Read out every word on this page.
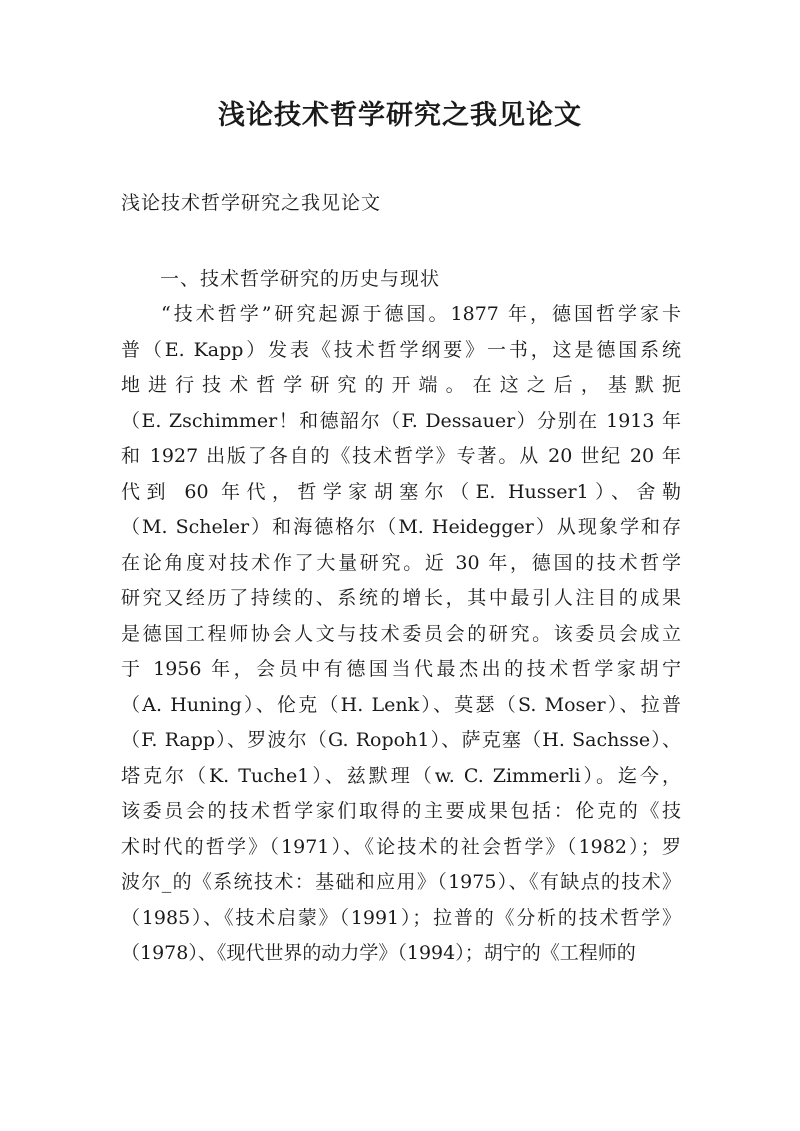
浅论技术哲学研究之我见论文

浅论技术哲学研究之我见论文

一、技术哲学研究的历史与现状

“技术哲学”研究起源于德国。1877 年，德国哲学家卡
普（E. Kapp）发表《技术哲学纲要》一书，这是德国系统
地进行技术哲学研究的开端。在这之后，基默扼
（E. Zschimmer！和德韶尔（F. Dessauer）分别在 1913 年
和 1927 出版了各自的《技术哲学》专著。从 20 世纪 20 年
代到 60 年代，哲学家胡塞尔（E. Husser1）、舍勒
（M. Scheler）和海德格尔（M. Heidegger）从现象学和存
在论角度对技术作了大量研究。近 30 年，德国的技术哲学
研究又经历了持续的、系统的增长，其中最引人注目的成果
是德国工程师协会人文与技术委员会的研究。该委员会成立
于 1956 年，会员中有德国当代最杰出的技术哲学家胡宁
（A. Huning）、伦克（H. Lenk）、莫瑟（S. Moser）、拉普
（F. Rapp）、罗波尔（G. Ropoh1）、萨克塞（H. Sachsse）、
塔克尔（K. Tuche1）、兹默理（w. C. Zimmerli）。迄今，
该委员会的技术哲学家们取得的主要成果包括：伦克的《技
术时代的哲学》（1971）、《论技术的社会哲学》（1982）；罗
波尔_的《系统技术：基础和应用》（1975）、《有缺点的技术》
（1985）、《技术启蒙》（1991）；拉普的《分析的技术哲学》
（1978）、《现代世界的动力学》（1994）；胡宁的《工程师的
